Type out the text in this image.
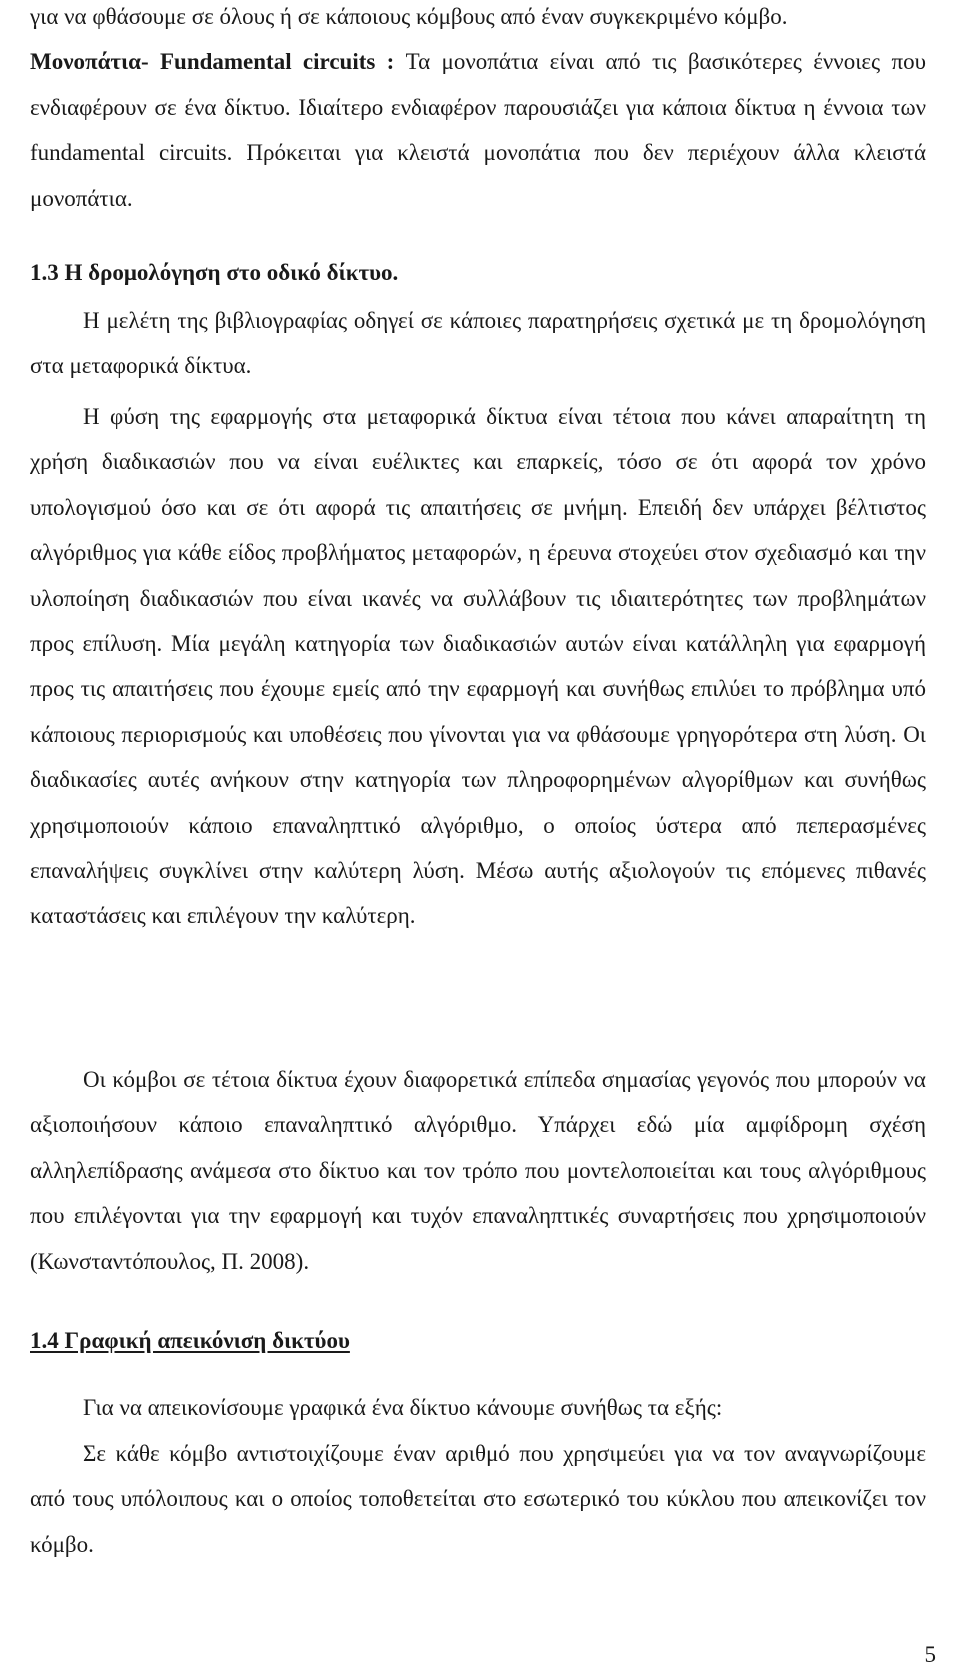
για να φθάσουμε σε όλους ή σε κάποιους κόμβους από έναν συγκεκριμένο κόμβο.
Μονοπάτια- Fundamental circuits : Τα μονοπάτια είναι από τις βασικότερες έννοιες που ενδιαφέρουν σε ένα δίκτυο. Ιδιαίτερο ενδιαφέρον παρουσιάζει για κάποια δίκτυα η έννοια των fundamental circuits. Πρόκειται για κλειστά μονοπάτια που δεν περιέχουν άλλα κλειστά μονοπάτια.
1.3 Η δρομολόγηση στο οδικό δίκτυο.

Η μελέτη της βιβλιογραφίας οδηγεί σε κάποιες παρατηρήσεις σχετικά με τη δρομολόγηση στα μεταφορικά δίκτυα.

Η φύση της εφαρμογής στα μεταφορικά δίκτυα είναι τέτοια που κάνει απαραίτητη τη χρήση διαδικασιών που να είναι ευέλικτες και επαρκείς, τόσο σε ότι αφορά τον χρόνο υπολογισμού όσο και σε ότι αφορά τις απαιτήσεις σε μνήμη. Επειδή δεν υπάρχει βέλτιστος αλγόριθμος για κάθε είδος προβλήματος μεταφορών, η έρευνα στοχεύει στον σχεδιασμό και την υλοποίηση διαδικασιών που είναι ικανές να συλλάβουν τις ιδιαιτερότητες των προβλημάτων προς επίλυση. Μία μεγάλη κατηγορία των διαδικασιών αυτών είναι κατάλληλη για εφαρμογή προς τις απαιτήσεις που έχουμε εμείς από την εφαρμογή και συνήθως επιλύει το πρόβλημα υπό κάποιους περιορισμούς και υποθέσεις που γίνονται για να φθάσουμε γρηγορότερα στη λύση. Οι διαδικασίες αυτές ανήκουν στην κατηγορία των πληροφορημένων αλγορίθμων και συνήθως χρησιμοποιούν κάποιο επαναληπτικό αλγόριθμο, ο οποίος ύστερα από πεπερασμένες επαναλήψεις συγκλίνει στην καλύτερη λύση. Μέσω αυτής αξιολογούν τις επόμενες πιθανές καταστάσεις και επιλέγουν την καλύτερη.

Οι κόμβοι σε τέτοια δίκτυα έχουν διαφορετικά επίπεδα σημασίας γεγονός που μπορούν να αξιοποιήσουν κάποιο επαναληπτικό αλγόριθμο. Υπάρχει εδώ μία αμφίδρομη σχέση αλληλεπίδρασης ανάμεσα στο δίκτυο και τον τρόπο που μοντελοποιείται και τους αλγόριθμους που επιλέγονται για την εφαρμογή και τυχόν επαναληπτικές συναρτήσεις που χρησιμοποιούν (Κωνσταντόπουλος, Π. 2008).

1.4 Γραφική απεικόνιση δικτύου

Για να απεικονίσουμε γραφικά ένα δίκτυο κάνουμε συνήθως τα εξής:

Σε κάθε κόμβο αντιστοιχίζουμε έναν αριθμό που χρησιμεύει για να τον αναγνωρίζουμε από τους υπόλοιπους και ο οποίος τοποθετείται στο εσωτερικό του κύκλου που απεικονίζει τον κόμβο.

5
